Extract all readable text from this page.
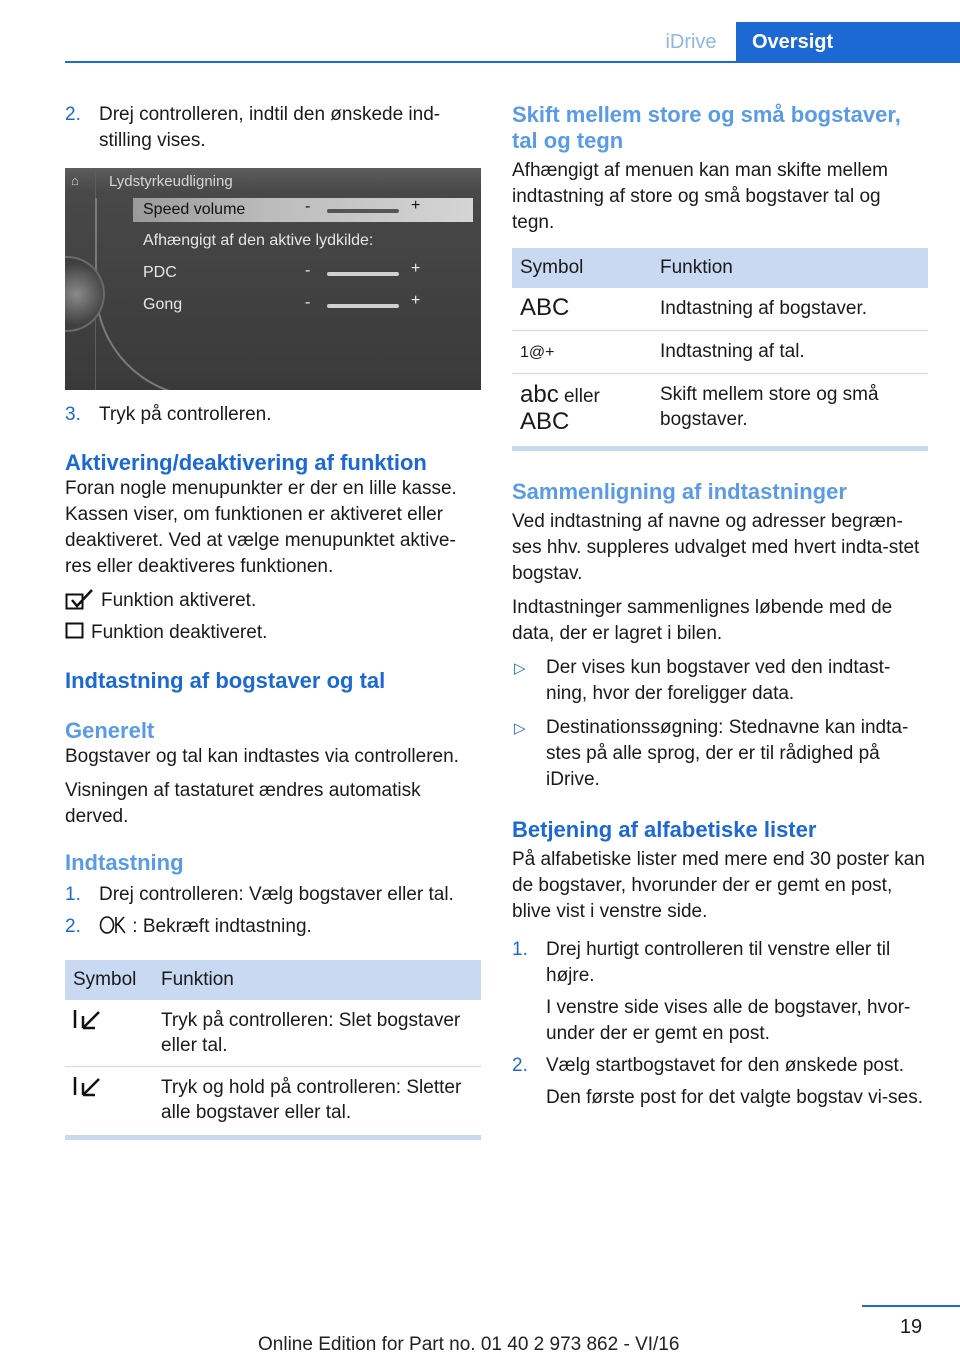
iDrive	Oversigt
2. Drej controlleren, indtil den ønskede ind‐stilling vises.
⌂	Lydstyrkeudligning
Speed volume	-	+
Afhængigt af den aktive lydkilde:
PDC	-	+
Gong	-	+
3. Tryk på controlleren.
Aktivering/deaktivering af funktion

Foran nogle menupunkter er der en lille kasse. Kassen viser, om funktionen er aktiveret eller deaktiveret. Ved at vælge menupunktet aktive‐res eller deaktiveres funktionen.

Funktion aktiveret.
Funktion deaktiveret.
Indtastning af bogstaver og tal
Generelt

Bogstaver og tal kan indtastes via controlleren.

Visningen af tastaturet ændres automatisk derved.

Indtastning
1. Drej controlleren: Vælg bogstaver eller tal.
2.	: Bekræft indtastning.
Symbol	Funktion
	Tryk på controlleren: Slet bogstaver eller tal.
	Tryk og hold på controlleren: Sletter alle bogstaver eller tal.
Skift mellem store og små bogstaver, tal og tegn

Afhængigt af menuen kan man skifte mellem indtastning af store og små bogstaver tal og tegn.

Symbol	Funktion
ABC	Indtastning af bogstaver.
1@+	Indtastning af tal.
abc eller
ABC	Skift mellem store og små bogstaver.
Sammenligning af indtastninger

Ved indtastning af navne og adresser begræn‐ses hhv. suppleres udvalget med hvert indta‐stet bogstav.

Indtastninger sammenlignes løbende med de data, der er lagret i bilen.

▷ Der vises kun bogstaver ved den indtast‐ning, hvor der foreligger data.
▷ Destinationssøgning: Stednavne kan indta‐stes på alle sprog, der er til rådighed på iDrive.
Betjening af alfabetiske lister

På alfabetiske lister med mere end 30 poster kan de bogstaver, hvorunder der er gemt en post, blive vist i venstre side.

1. Drej hurtigt controlleren til venstre eller til højre.
I venstre side vises alle de bogstaver, hvor‐under der er gemt en post.
2. Vælg startbogstavet for den ønskede post.
Den første post for det valgte bogstav vi‐ses.
19
Online Edition for Part no. 01 40 2 973 862 - VI/16
